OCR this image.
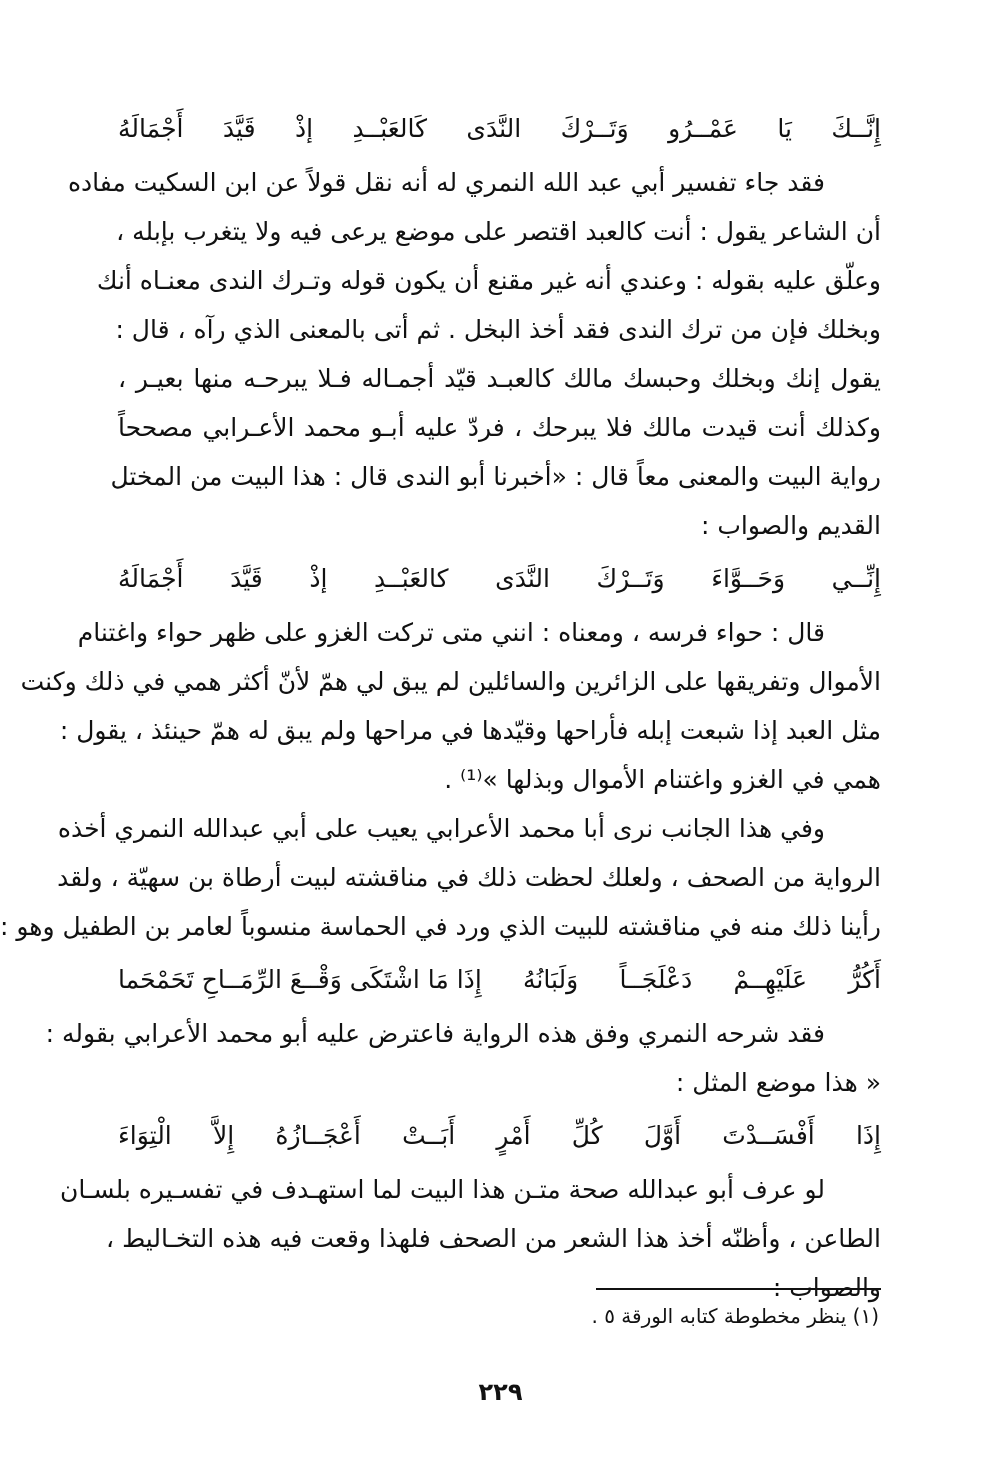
إِنَّــكَ
يَا
عَمْــرُو
وَتَــرْكَ
النَّدَى
كَالعَبْــدِ
إذْ
قَيَّدَ
أَجْمَالَهُ
فقد جاء تفسير أبي عبد الله النمري له أنه نقل قولاً عن ابن السكيت مفاده
أن الشاعر يقول : أنت كالعبد اقتصر على موضع يرعى فيه ولا يتغرب بإبله ،
وعلّق عليه بقوله : وعندي أنه غير مقنع أن يكون قوله وتـرك الندى معنـاه أنك
وبخلك فإن من ترك الندى فقد أخذ البخل . ثم أتى بالمعنى الذي رآه ، قال :
يقول إنك وبخلك وحبسك مالك كالعبـد قيّد أجمـاله فـلا يبرحـه منها بعيـر ،
وكذلك أنت قيدت مالك فلا يبرحك ، فردّ عليه أبـو محمد الأعـرابي مصححاً
رواية البيت والمعنى معاً قال : «أخبرنا أبو الندى قال : هذا البيت من المختل
القديم والصواب :
إِنِّــي
وَحَــوَّاءَ
وَتَــرْكَ
النَّدَى
كالعَبْــدِ
إذْ
قَيَّدَ
أَجْمَالَهُ
قال : حواء فرسه ، ومعناه : انني متى تركت الغزو على ظهر حواء واغتنام
الأموال وتفريقها على الزائرين والسائلين لم يبق لي همّ لأنّ أكثر همي في ذلك وكنت
مثل العبد إذا شبعت إبله فأراحها وقيّدها في مراحها ولم يبق له همّ حينئذ ، يقول :
همي في الغزو واغتنام الأموال وبذلها »⁽¹⁾ .
وفي هذا الجانب نرى أبا محمد الأعرابي يعيب على أبي عبدالله النمري أخذه
الرواية من الصحف ، ولعلك لحظت ذلك في مناقشته لبيت أرطاة بن سهيّة ، ولقد
رأينا ذلك منه في مناقشته للبيت الذي ورد في الحماسة منسوباً لعامر بن الطفيل وهو :
أَكُرُّ
عَلَيْهِــمْ
دَعْلَجَــاً
وَلَبَانُهُ
إِذَا مَا اشْتَكَى وَقْــعَ الرِّمَــاحِ تَحَمْحَما
فقد شرحه النمري وفق هذه الرواية فاعترض عليه أبو محمد الأعرابي بقوله :
« هذا موضع المثل :
إِذَا
أَفْسَــدْتَ
أَوَّلَ
كُلِّ
أَمْرٍ
أَبَــتْ
أَعْجَــازُهُ
إِلاَّ
الْتِوَاءَ
لو عرف أبو عبدالله صحة متـن هذا البيت لما استهـدف في تفسـيره بلسـان
الطاعن ، وأظنّه أخذ هذا الشعر من الصحف فلهذا وقعت فيه هذه التخـاليط ،
والصواب :
(١) ينظر مخطوطة كتابه الورقة ٥ .
٢٢٩
